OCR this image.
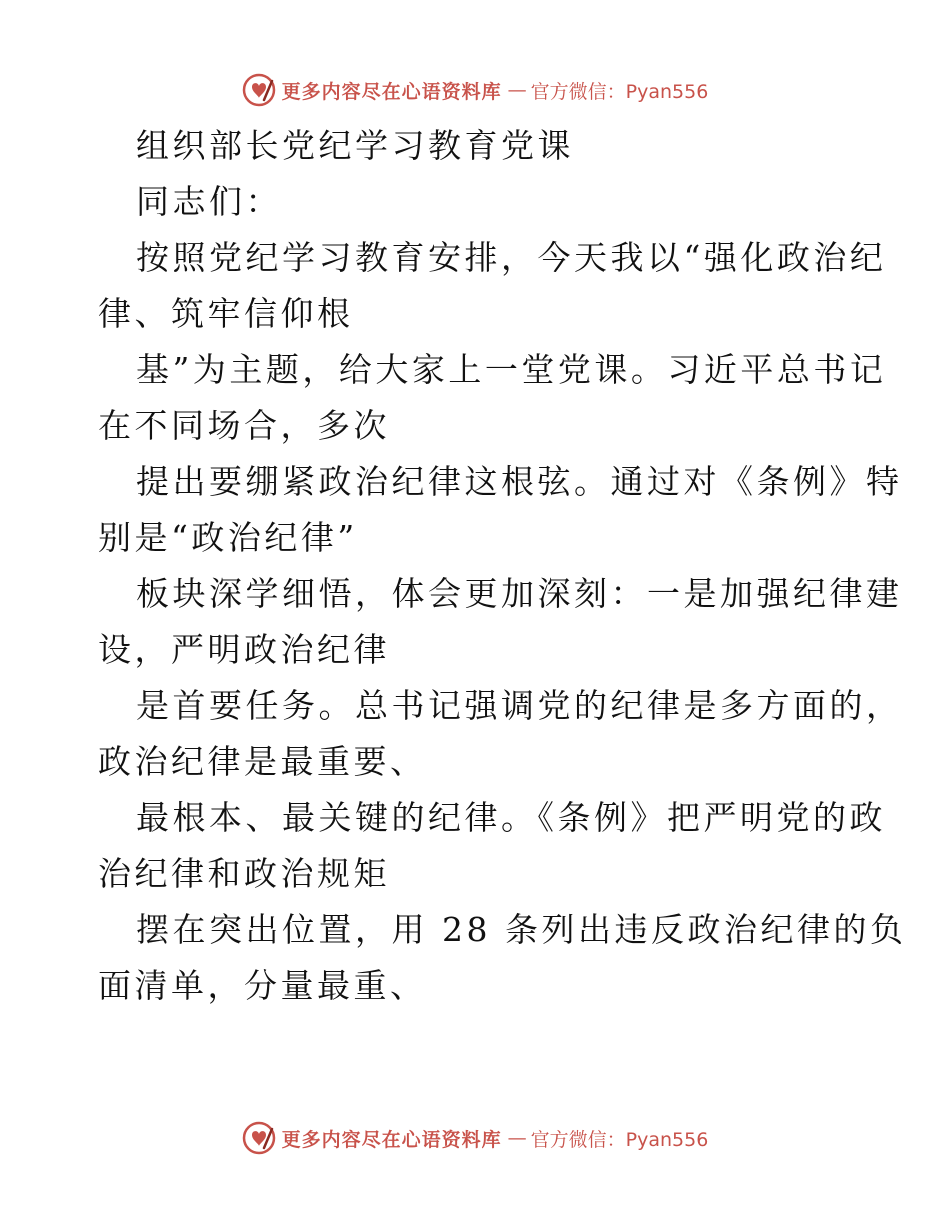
更多内容尽在心语资料库 — 官方微信：Pyan556
组织部长党纪学习教育党课
同志们：
按照党纪学习教育安排，今天我以“强化政治纪
律、筑牢信仰根
基”为主题，给大家上一堂党课。习近平总书记
在不同场合，多次
提出要绷紧政治纪律这根弦。通过对《条例》特
别是“政治纪律”
板块深学细悟，体会更加深刻：一是加强纪律建
设，严明政治纪律
是首要任务。总书记强调党的纪律是多方面的，
政治纪律是最重要、
最根本、最关键的纪律。《条例》把严明党的政
治纪律和政治规矩
摆在突出位置，用 28 条列出违反政治纪律的负
面清单，分量最重、
更多内容尽在心语资料库 — 官方微信：Pyan556
